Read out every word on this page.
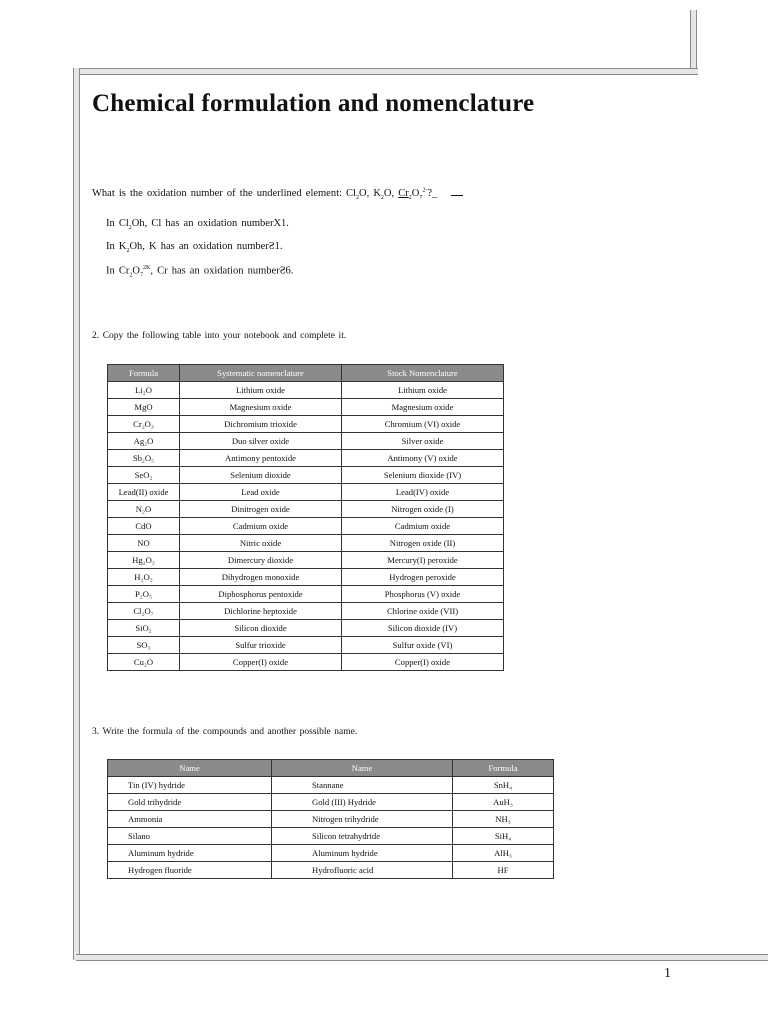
Chemical formulation and nomenclature
What is the oxidation number of the underlined element: $Cl_2O$, $K_2O$, $Cr_2O_7^{2-}?\_$
In $Cl_2Oh$, Cl has an oxidation numberX1.
In $K_2Oh$, K has an oxidation numberƧ1.
In $Cr_2O_7^{2K}$, Cr has an oxidation numberƧ6.
2. Copy the following table into your notebook and complete it.
Formula	Systematic nomenclature	Stock Nomenclature
Li₂O	Lithium oxide	Lithium oxide
MgO	Magnesium oxide	Magnesium oxide
Cr₂O₃	Dichromium trioxide	Chromium (VI) oxide
Ag₂O	Duo silver oxide	Silver oxide
Sb₂O₅	Antimony pentoxide	Antimony (V) oxide
SeO₂	Selenium dioxide	Selenium dioxide (IV)
Lead(II) oxide	Lead oxide	Lead(IV) oxide
N₂O	Dinitrogen oxide	Nitrogen oxide (I)
CdO	Cadmium oxide	Cadmium oxide
NO	Nitric oxide	Nitrogen oxide (II)
Hg₂O₂	Dimercury dioxide	Mercury(I) peroxide
H₂O₂	Dihydrogen monoxide	Hydrogen peroxide
P₂O₅	Diphosphorus pentoxide	Phosphorus (V) oxide
Cl₂O₇	Dichlorine heptoxide	Chlorine oxide (VII)
SiO₂	Silicon dioxide	Silicon dioxide (IV)
SO₃	Sulfur trioxide	Sulfur oxide (VI)
Cu₂O	Copper(I) oxide	Copper(I) oxide
3. Write the formula of the compounds and another possible name.
Name	Name	Formula
Tin (IV) hydride	Stannane	SnH₄
Gold trihydride	Gold (III) Hydride	AuH₃
Ammonia	Nitrogen trihydride	NH₃
Silano	Silicon tetrahydride	SiH₄
Aluminum hydride	Aluminum hydride	AlH₃
Hydrogen fluoride	Hydrofluoric acid	HF
1
